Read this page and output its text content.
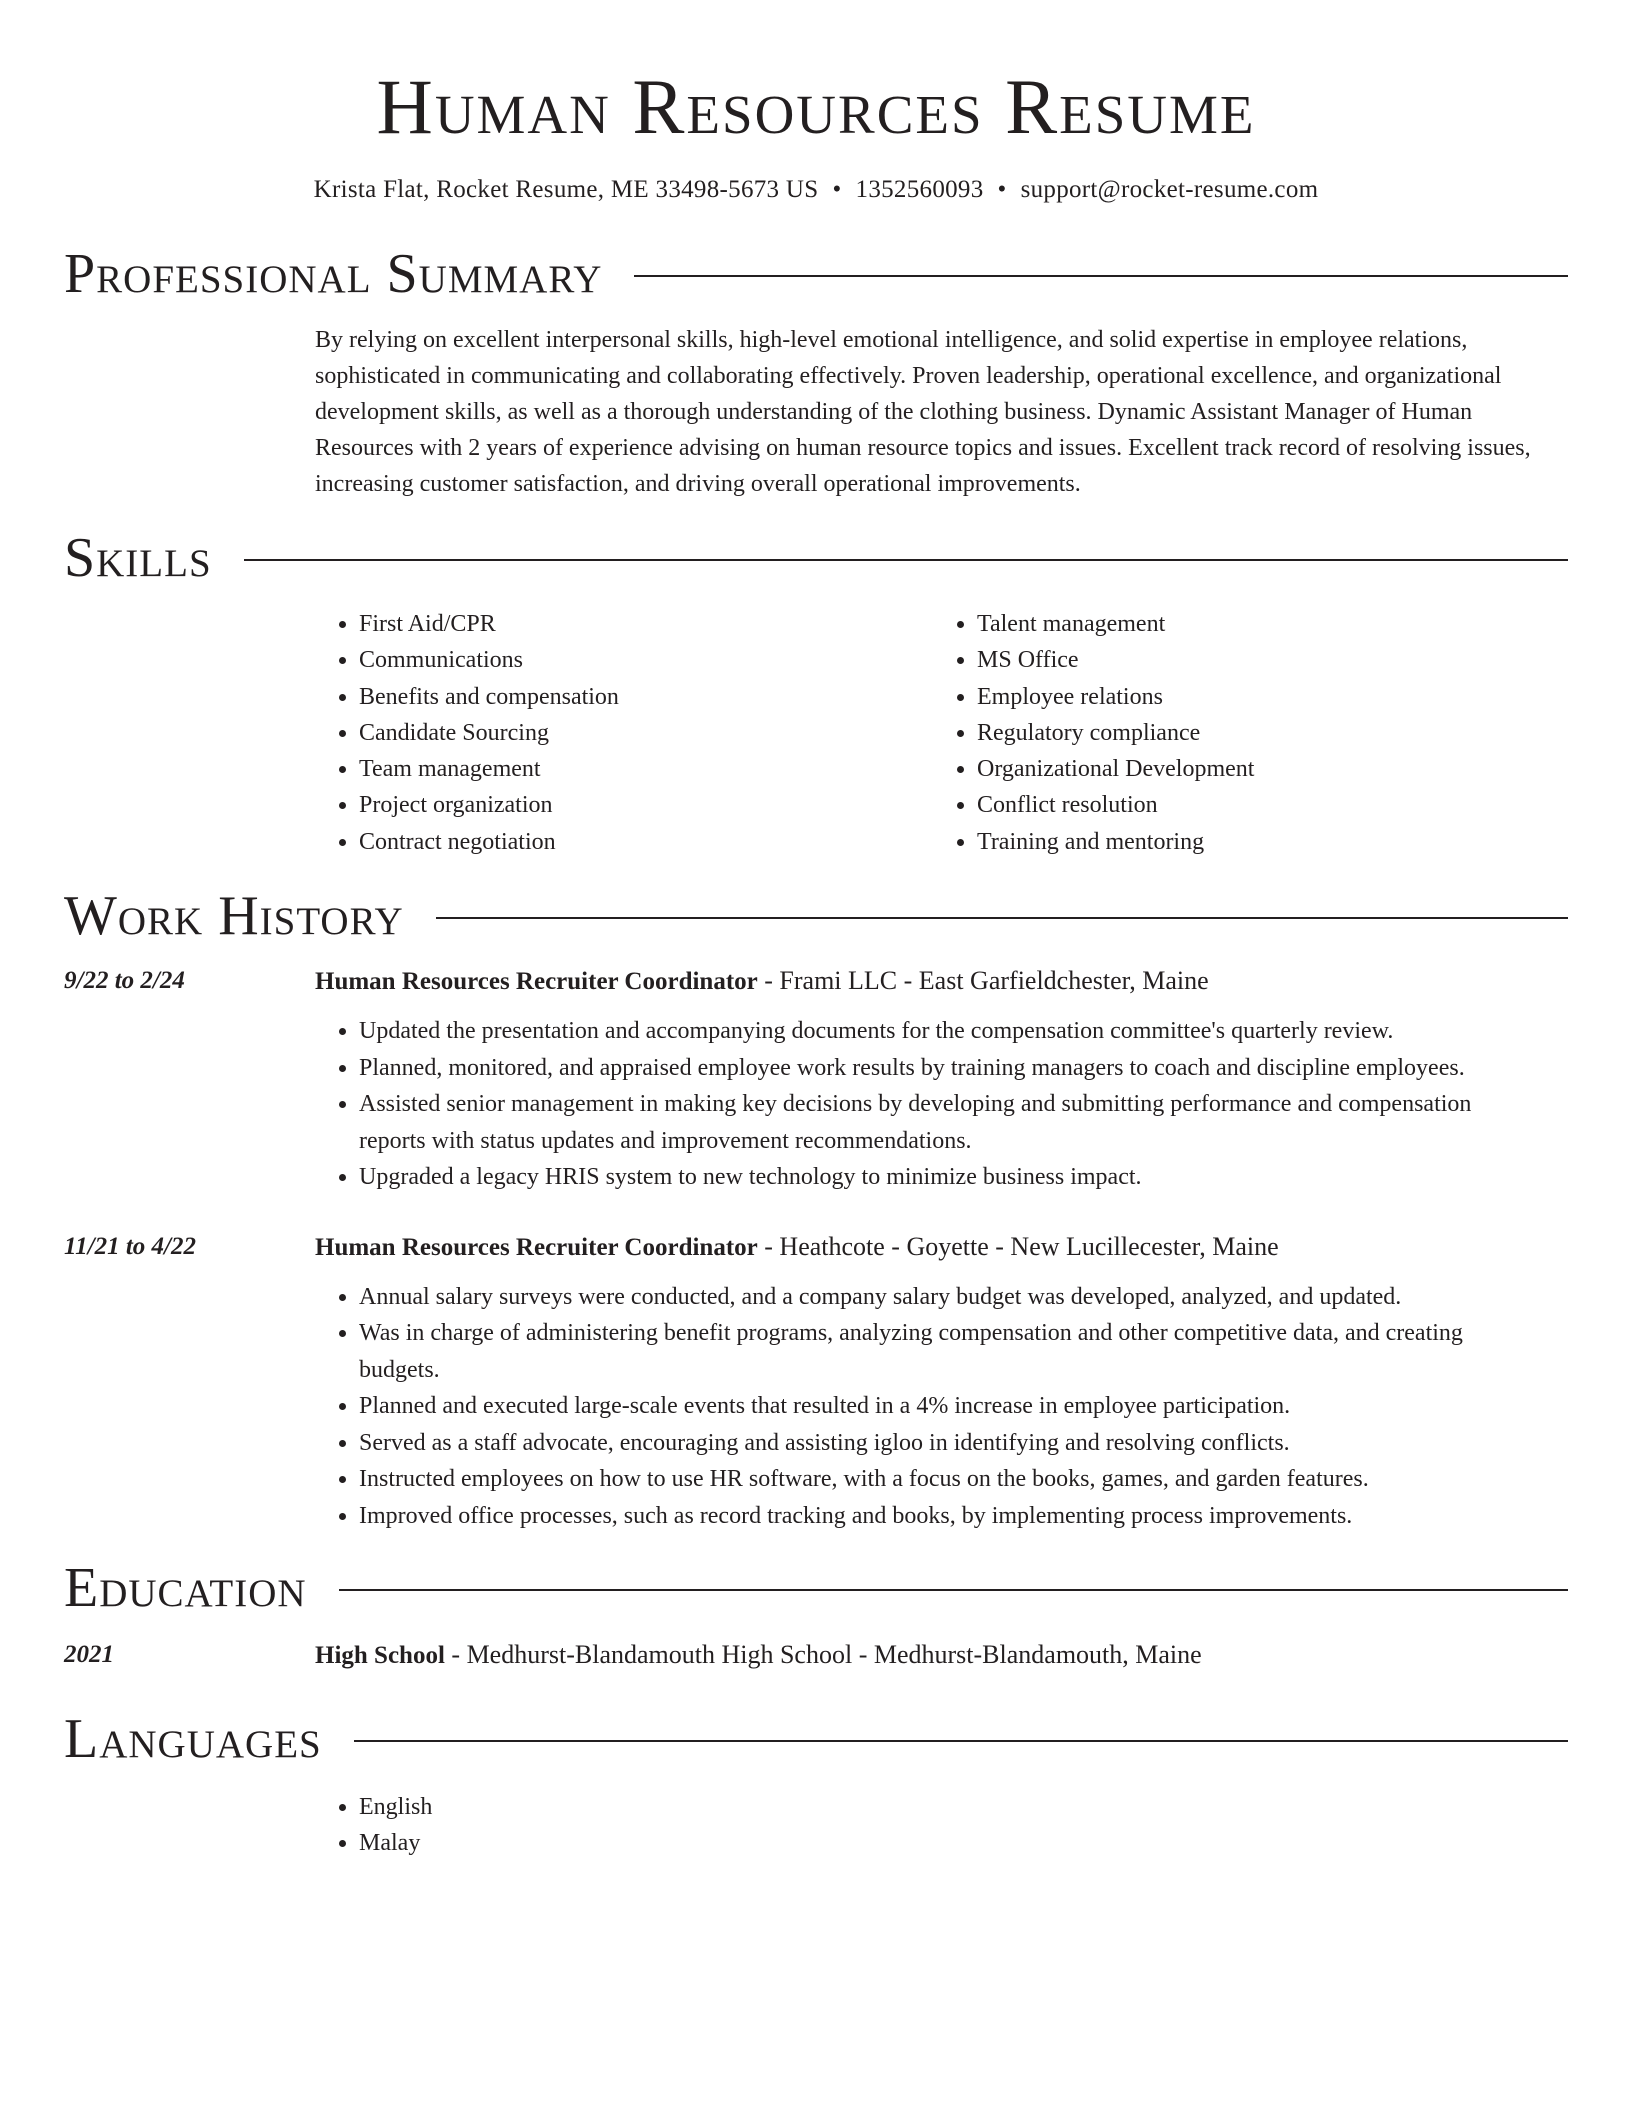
Human Resources Resume
Krista Flat, Rocket Resume, ME 33498-5673 US • 1352560093 • support@rocket-resume.com
Professional Summary
By relying on excellent interpersonal skills, high-level emotional intelligence, and solid expertise in employee relations, sophisticated in communicating and collaborating effectively. Proven leadership, operational excellence, and organizational development skills, as well as a thorough understanding of the clothing business. Dynamic Assistant Manager of Human Resources with 2 years of experience advising on human resource topics and issues. Excellent track record of resolving issues, increasing customer satisfaction, and driving overall operational improvements.
Skills
• First Aid/CPR
• Communications
• Benefits and compensation
• Candidate Sourcing
• Team management
• Project organization
• Contract negotiation
• Talent management
• MS Office
• Employee relations
• Regulatory compliance
• Organizational Development
• Conflict resolution
• Training and mentoring
Work History
9/22 to 2/24	Human Resources Recruiter Coordinator - Frami LLC - East Garfieldchester, Maine
• Updated the presentation and accompanying documents for the compensation committee's quarterly review.
• Planned, monitored, and appraised employee work results by training managers to coach and discipline employees.
• Assisted senior management in making key decisions by developing and submitting performance and compensation reports with status updates and improvement recommendations.
• Upgraded a legacy HRIS system to new technology to minimize business impact.
11/21 to 4/22	Human Resources Recruiter Coordinator - Heathcote - Goyette - New Lucillecester, Maine
• Annual salary surveys were conducted, and a company salary budget was developed, analyzed, and updated.
• Was in charge of administering benefit programs, analyzing compensation and other competitive data, and creating budgets.
• Planned and executed large-scale events that resulted in a 4% increase in employee participation.
• Served as a staff advocate, encouraging and assisting igloo in identifying and resolving conflicts.
• Instructed employees on how to use HR software, with a focus on the books, games, and garden features.
• Improved office processes, such as record tracking and books, by implementing process improvements.
Education
2021	High School - Medhurst-Blandamouth High School - Medhurst-Blandamouth, Maine
Languages
• English
• Malay
